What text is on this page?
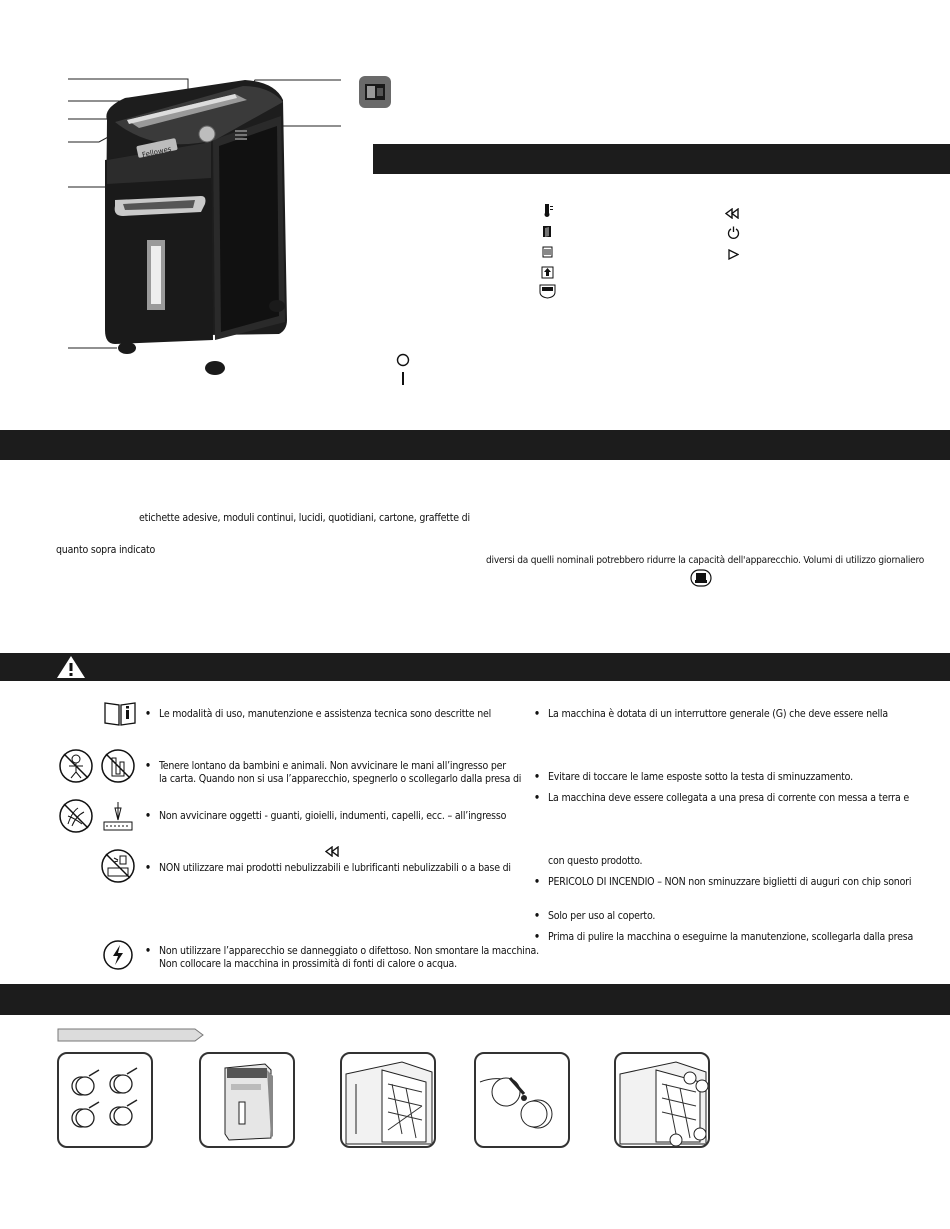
Fellowes
etichette adesive, moduli continui, lucidi, quotidiani, cartone, graffette di
quanto sopra indicato
diversi da quelli nominali potrebbero ridurre la capacità dell'apparecchio. Volumi di utilizzo giornaliero
• Le modalità di uso, manutenzione e assistenza tecnica sono descritte nel
• Tenere lontano da bambini e animali. Non avvicinare le mani all’ingresso per
la carta. Quando non si usa l’apparecchio, spegnerlo o scollegarlo dalla presa di
• Non avvicinare oggetti - guanti, gioielli, indumenti, capelli, ecc. – all’ingresso
• NON utilizzare mai prodotti nebulizzabili e lubrificanti nebulizzabili o a base di
• Non utilizzare l’apparecchio se danneggiato o difettoso. Non smontare la macchina.
Non collocare la macchina in prossimità di fonti di calore o acqua.
• La macchina è dotata di un interruttore generale (G) che deve essere nella
• Evitare di toccare le lame esposte sotto la testa di sminuzzamento.
• La macchina deve essere collegata a una presa di corrente con messa a terra e
con questo prodotto.
• PERICOLO DI INCENDIO – NON non sminuzzare biglietti di auguri con chip sonori
• Solo per uso al coperto.
• Prima di pulire la macchina o eseguirne la manutenzione, scollegarla dalla presa
